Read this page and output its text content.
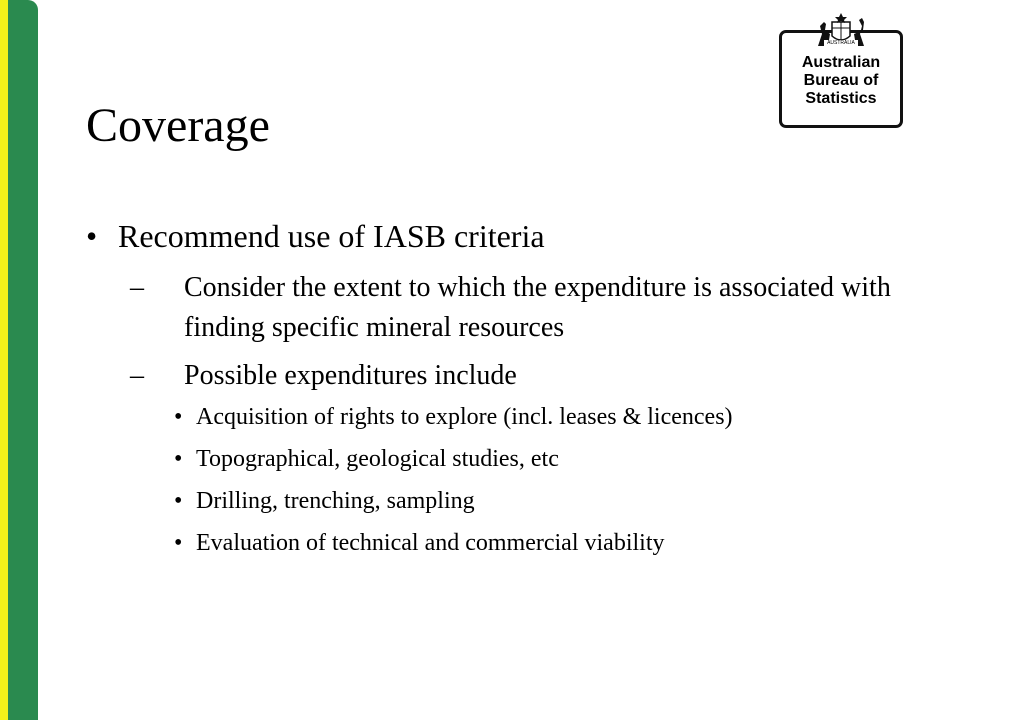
AUSTRALIA
Australian
Bureau of
Statistics
Coverage
• Recommend use of IASB criteria
– Consider the extent to which the expenditure is associated with finding specific mineral resources
– Possible expenditures include
• Acquisition of rights to explore (incl. leases & licences)
• Topographical, geological studies, etc
• Drilling, trenching, sampling
• Evaluation of technical and commercial viability
